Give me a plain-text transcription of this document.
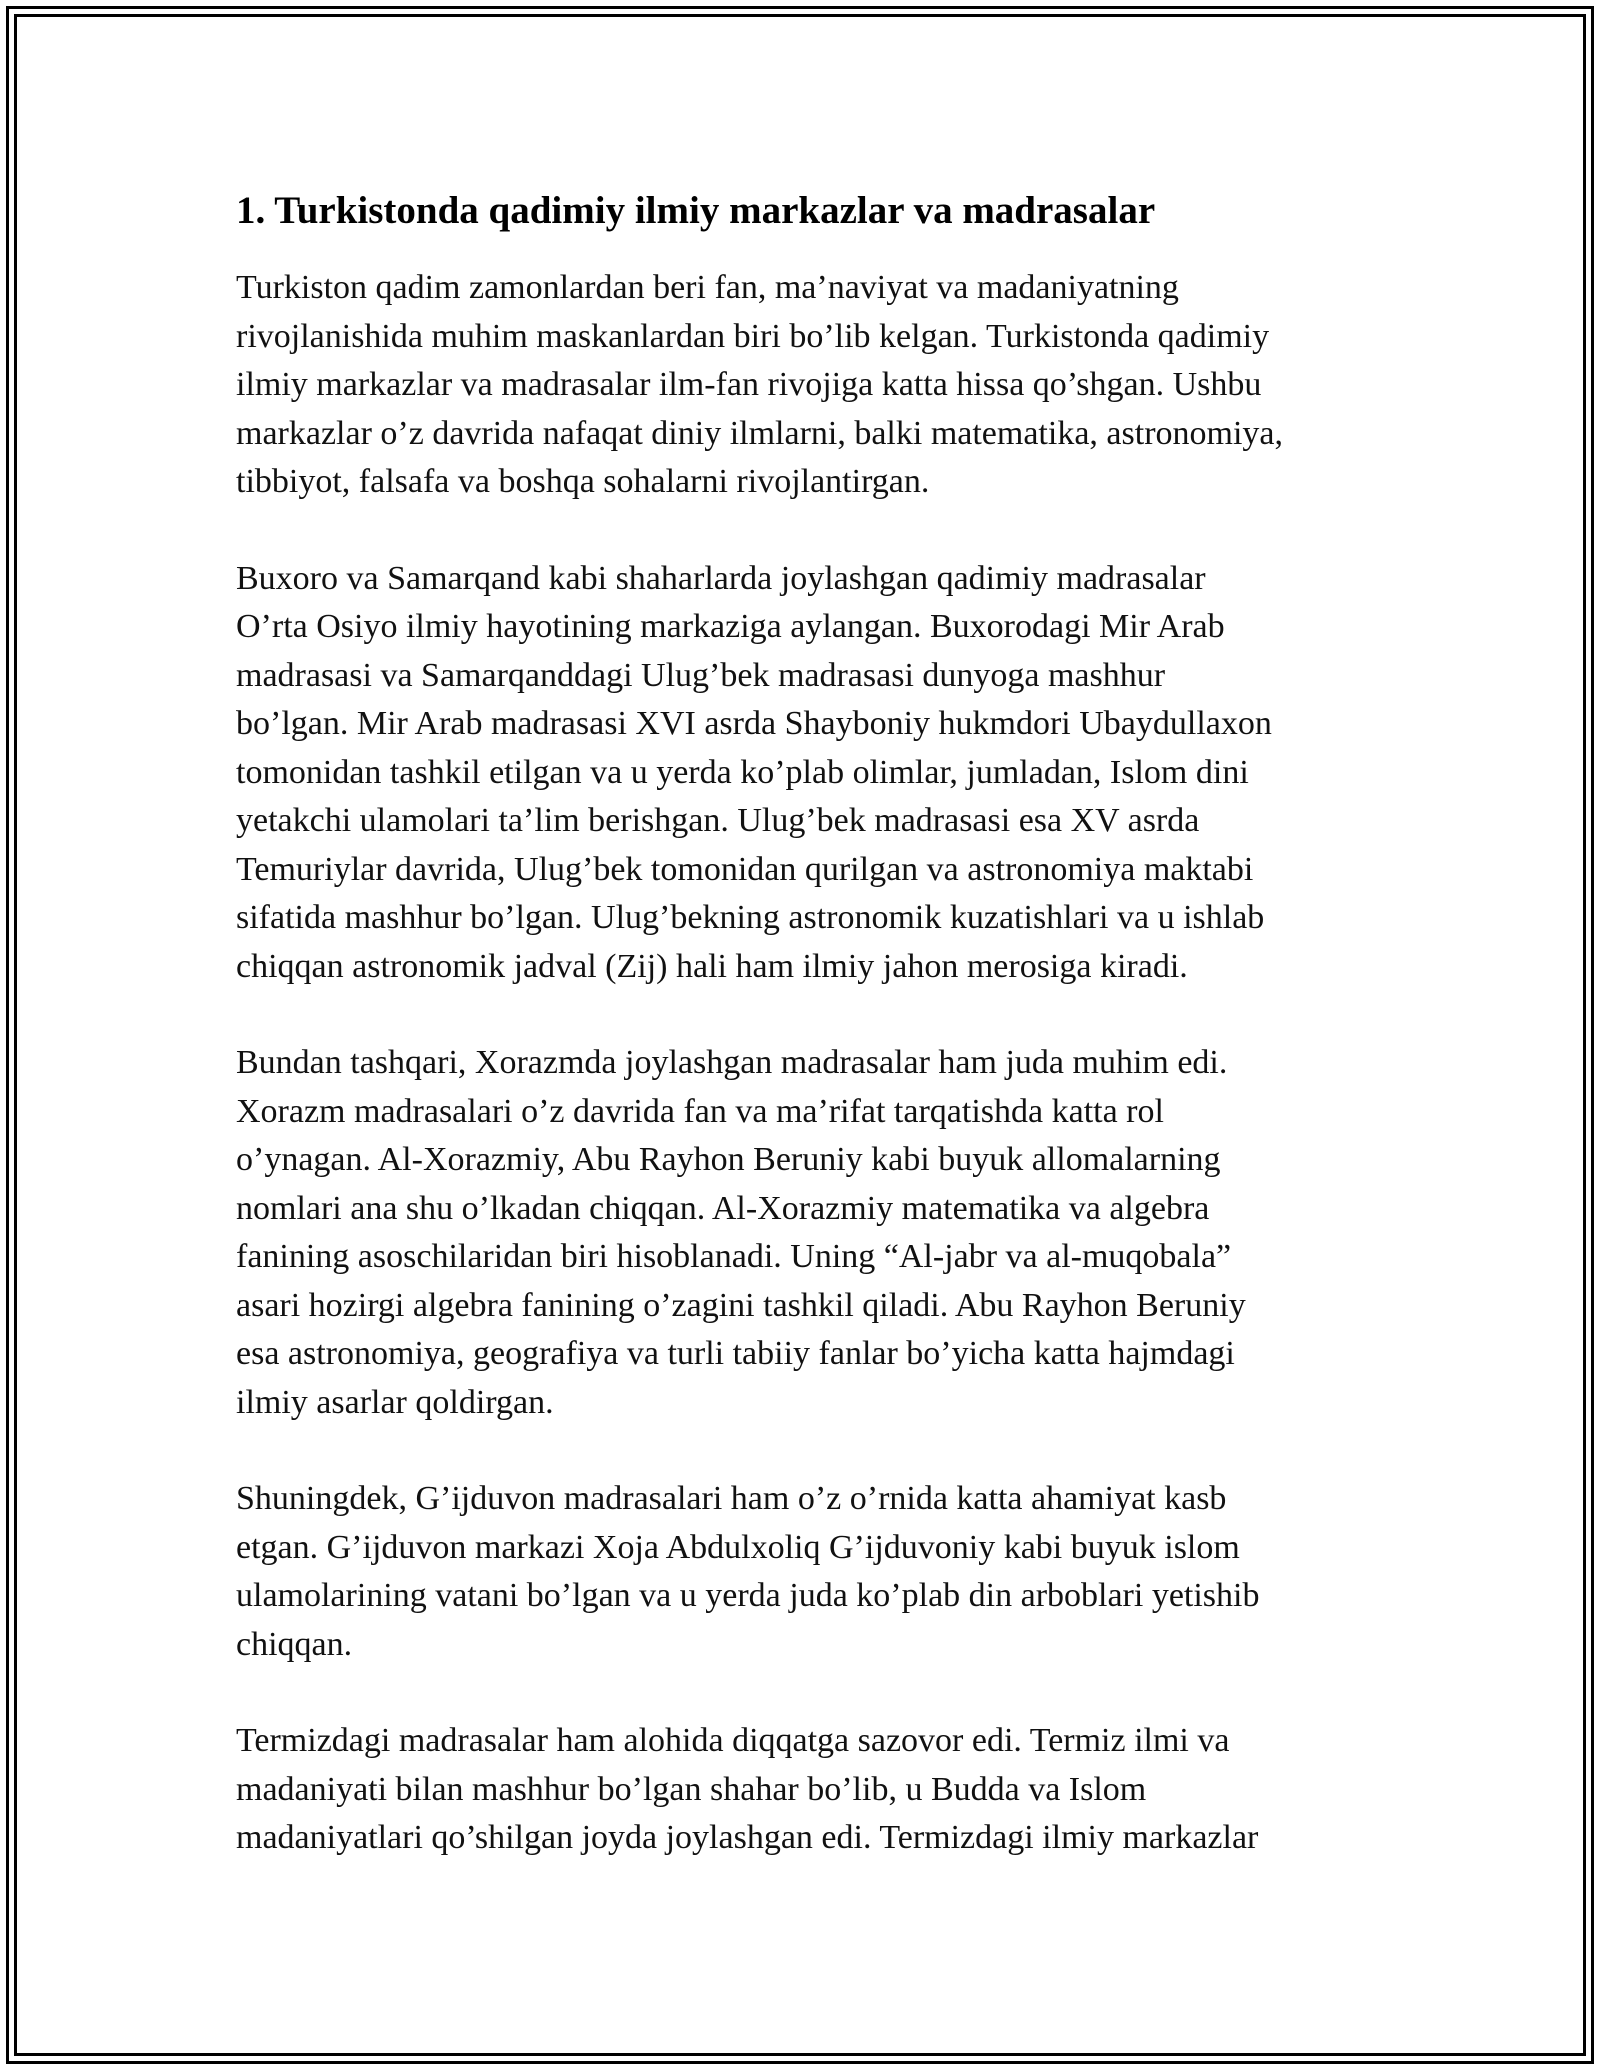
1. Turkistonda qadimiy ilmiy markazlar va madrasalar

Turkiston qadim zamonlardan beri fan, ma’naviyat va madaniyatning
rivojlanishida muhim maskanlardan biri bo’lib kelgan. Turkistonda qadimiy
ilmiy markazlar va madrasalar ilm-fan rivojiga katta hissa qo’shgan. Ushbu
markazlar o’z davrida nafaqat diniy ilmlarni, balki matematika, astronomiya,
tibbiyot, falsafa va boshqa sohalarni rivojlantirgan.

Buxoro va Samarqand kabi shaharlarda joylashgan qadimiy madrasalar
O’rta Osiyo ilmiy hayotining markaziga aylangan. Buxorodagi Mir Arab
madrasasi va Samarqanddagi Ulug’bek madrasasi dunyoga mashhur
bo’lgan. Mir Arab madrasasi XVI asrda Shayboniy hukmdori Ubaydullaxon
tomonidan tashkil etilgan va u yerda ko’plab olimlar, jumladan, Islom dini
yetakchi ulamolari ta’lim berishgan. Ulug’bek madrasasi esa XV asrda
Temuriylar davrida, Ulug’bek tomonidan qurilgan va astronomiya maktabi
sifatida mashhur bo’lgan. Ulug’bekning astronomik kuzatishlari va u ishlab
chiqqan astronomik jadval (Zij) hali ham ilmiy jahon merosiga kiradi.

Bundan tashqari, Xorazmda joylashgan madrasalar ham juda muhim edi.
Xorazm madrasalari o’z davrida fan va ma’rifat tarqatishda katta rol
o’ynagan. Al-Xorazmiy, Abu Rayhon Beruniy kabi buyuk allomalarning
nomlari ana shu o’lkadan chiqqan. Al-Xorazmiy matematika va algebra
fanining asoschilaridan biri hisoblanadi. Uning “Al-jabr va al-muqobala”
asari hozirgi algebra fanining o’zagini tashkil qiladi. Abu Rayhon Beruniy
esa astronomiya, geografiya va turli tabiiy fanlar bo’yicha katta hajmdagi
ilmiy asarlar qoldirgan.

Shuningdek, G’ijduvon madrasalari ham o’z o’rnida katta ahamiyat kasb
etgan. G’ijduvon markazi Xoja Abdulxoliq G’ijduvoniy kabi buyuk islom
ulamolarining vatani bo’lgan va u yerda juda ko’plab din arboblari yetishib
chiqqan.

Termizdagi madrasalar ham alohida diqqatga sazovor edi. Termiz ilmi va
madaniyati bilan mashhur bo’lgan shahar bo’lib, u Budda va Islom
madaniyatlari qo’shilgan joyda joylashgan edi. Termizdagi ilmiy markazlar
